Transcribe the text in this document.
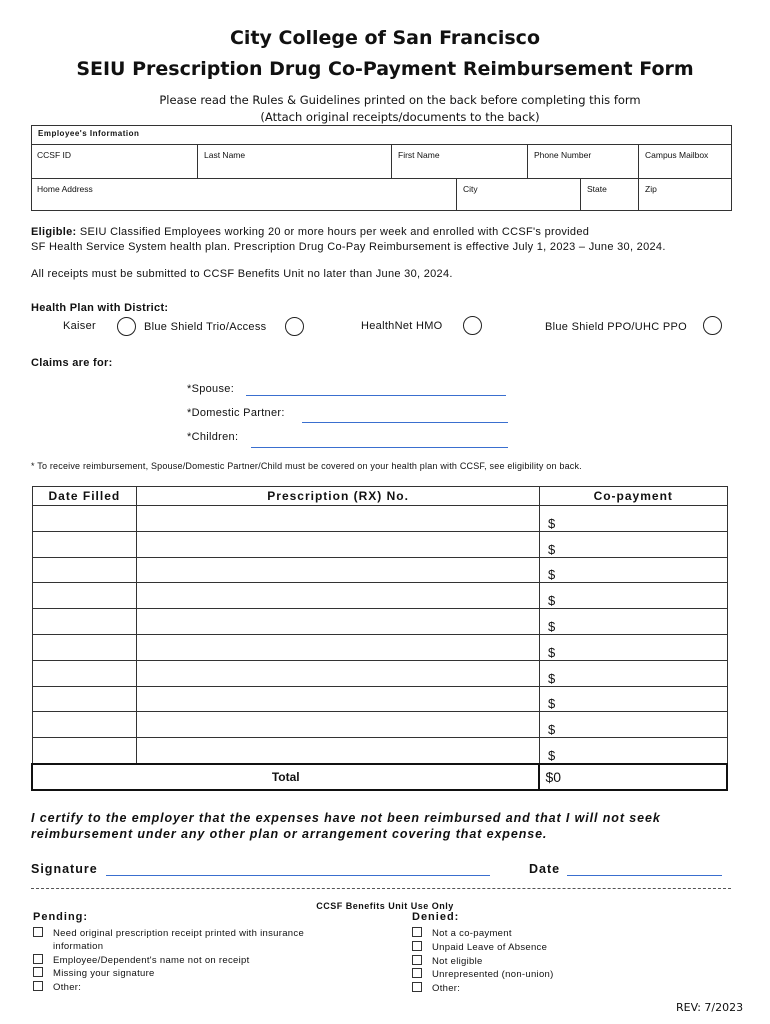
City College of San Francisco
SEIU Prescription Drug Co-Payment Reimbursement Form
Please read the Rules & Guidelines printed on the back before completing this form
(Attach original receipts/documents to the back)
Employee's Information
CCSF ID	Last Name	First Name	Phone Number	Campus Mailbox
Home Address	City	State	Zip
Eligible: SEIU Classified Employees working 20 or more hours per week and enrolled with CCSF's provided
SF Health Service System health plan. Prescription Drug Co-Pay Reimbursement is effective July 1, 2023 – June 30, 2024.
All receipts must be submitted to CCSF Benefits Unit no later than June 30, 2024.
Health Plan with District:
Kaiser	Blue Shield Trio/Access	HealthNet HMO	Blue Shield PPO/UHC PPO
Claims are for:
*Spouse:
*Domestic Partner:
*Children:
* To receive reimbursement, Spouse/Domestic Partner/Child must be covered on your health plan with CCSF, see eligibility on back.
Date Filled	Prescription (RX) No.	Co-payment
		$
		$
		$
		$
		$
		$
		$
		$
		$
		$
Total		$0
I certify to the employer that the expenses have not been reimbursed and that I will not seek reimbursement under any other plan or arrangement covering that expense.
Signature	Date
CCSF Benefits Unit Use Only
Pending:
Need original prescription receipt printed with insurance
information
Employee/Dependent's name not on receipt
Missing your signature
Other:
Denied:
Not a co-payment
Unpaid Leave of Absence
Not eligible
Unrepresented (non-union)
Other:
REV: 7/2023
